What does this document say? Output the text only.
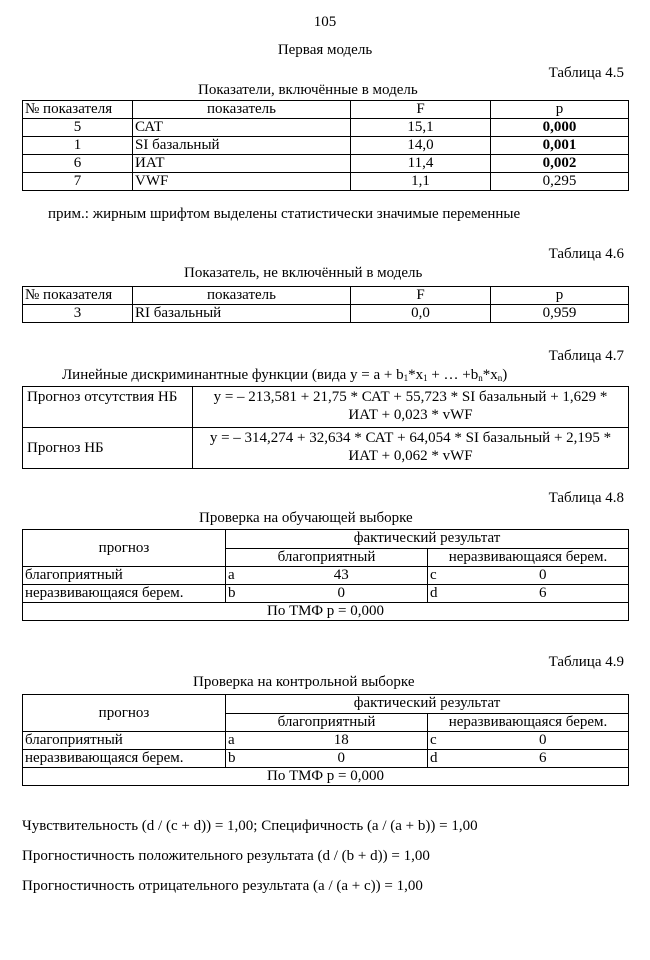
105
Первая модель
Таблица 4.5
Показатели, включённые в модель
№ показателя	показатель	F	p
5	САТ	15,1	0,000
1	SI базальный	14,0	0,001
6	ИАТ	11,4	0,002
7	VWF	1,1	0,295
прим.: жирным шрифтом выделены статистически значимые переменные
Таблица 4.6
Показатель, не включённый в модель
№ показателя	показатель	F	p
3	RI базальный	0,0	0,959
Таблица 4.7
Линейные дискриминантные функции (вида $y = a + b_1*x_1$ + … $+b_n*x_n$)
Прогноз отсутствия НБ	y = – 213,581 + 21,75 * САТ + 55,723 * SI базальный + 1,629 * ИАТ + 0,023 * vWF
Прогноз НБ	y = – 314,274 + 32,634 * САТ + 64,054 * SI базальный + 2,195 * ИАТ + 0,062 * vWF
Таблица 4.8
Проверка на обучающей выборке
прогноз	фактический результат			
	благоприятный		неразвивающаяся берем.	
благоприятный	a	43	c	0
неразвивающаяся берем.	b	0	d	6
По ТМФ p = 0,000				
Таблица 4.9
Проверка на контрольной выборке
прогноз	фактический результат			
	благоприятный		неразвивающаяся берем.	
благоприятный	a	18	c	0
неразвивающаяся берем.	b	0	d	6
По ТМФ p = 0,000				
Чувствительность (d / (c + d)) = 1,00; Специфичность (a / (a + b)) = 1,00
Прогностичность положительного результата (d / (b + d)) = 1,00
Прогностичность отрицательного результата (a / (a + c)) = 1,00
